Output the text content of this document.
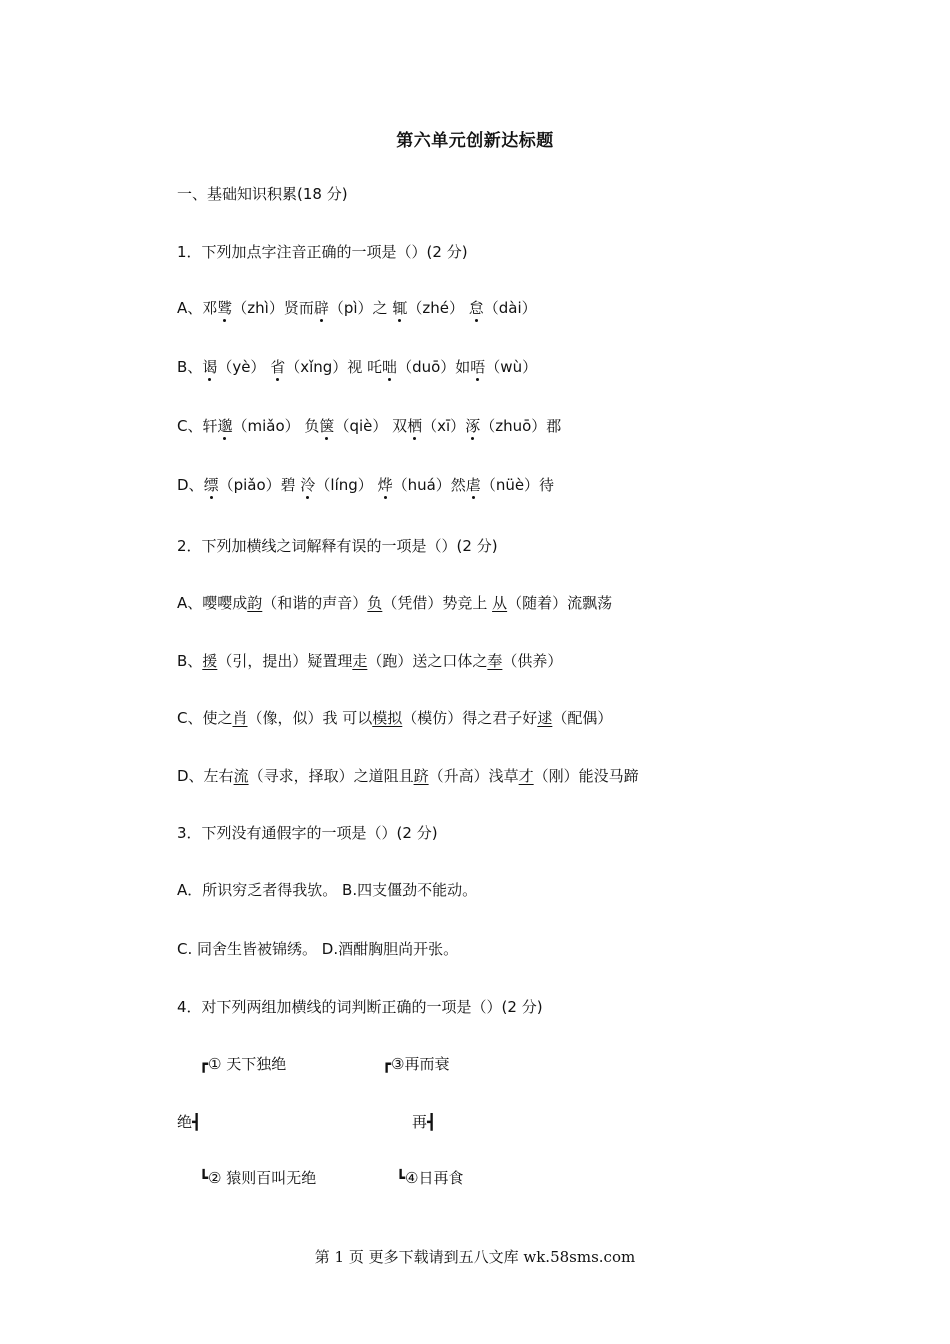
第六单元创新达标题
一、基础知识积累(18 分)
1．下列加点字注音正确的一项是（）(2 分)
A、邓骘（zhì）贤而辟（pì）之 辄（zhé） 怠（dài）
B、谒（yè） 省（xǐng）视 吒咄（duō）如唔（wù）
C、轩邈（miǎo） 负箧（qiè） 双栖（xī）涿（zhuō）郡
D、缥（piǎo）碧 泠（líng） 烨（huá）然虐（nüè）待
2．下列加横线之词解释有误的一项是（）(2 分)
A、嘤嘤成韵（和谐的声音）负（凭借）势竞上 从（随着）流飘荡
B、援（引，提出）疑置理走（跑）送之口体之奉（供养）
C、使之肖（像，似）我 可以模拟（模仿）得之君子好逑（配偶）
D、左右流（寻求，择取）之道阻且跻（升高）浅草才（刚）能没马蹄
3．下列没有通假字的一项是（）(2 分)
A．所识穷乏者得我欤。 B.四支僵劲不能动。
C. 同舍生皆被锦绣。 D.酒酣胸胆尚开张。
4．对下列两组加横线的词判断正确的一项是（）(2 分)
┏① 天下独绝	┏③再而衰
绝┫	再┫
┗② 猿则百叫无绝	┗④日再食
第 1 页 更多下载请到五八文库 wk.58sms.com
